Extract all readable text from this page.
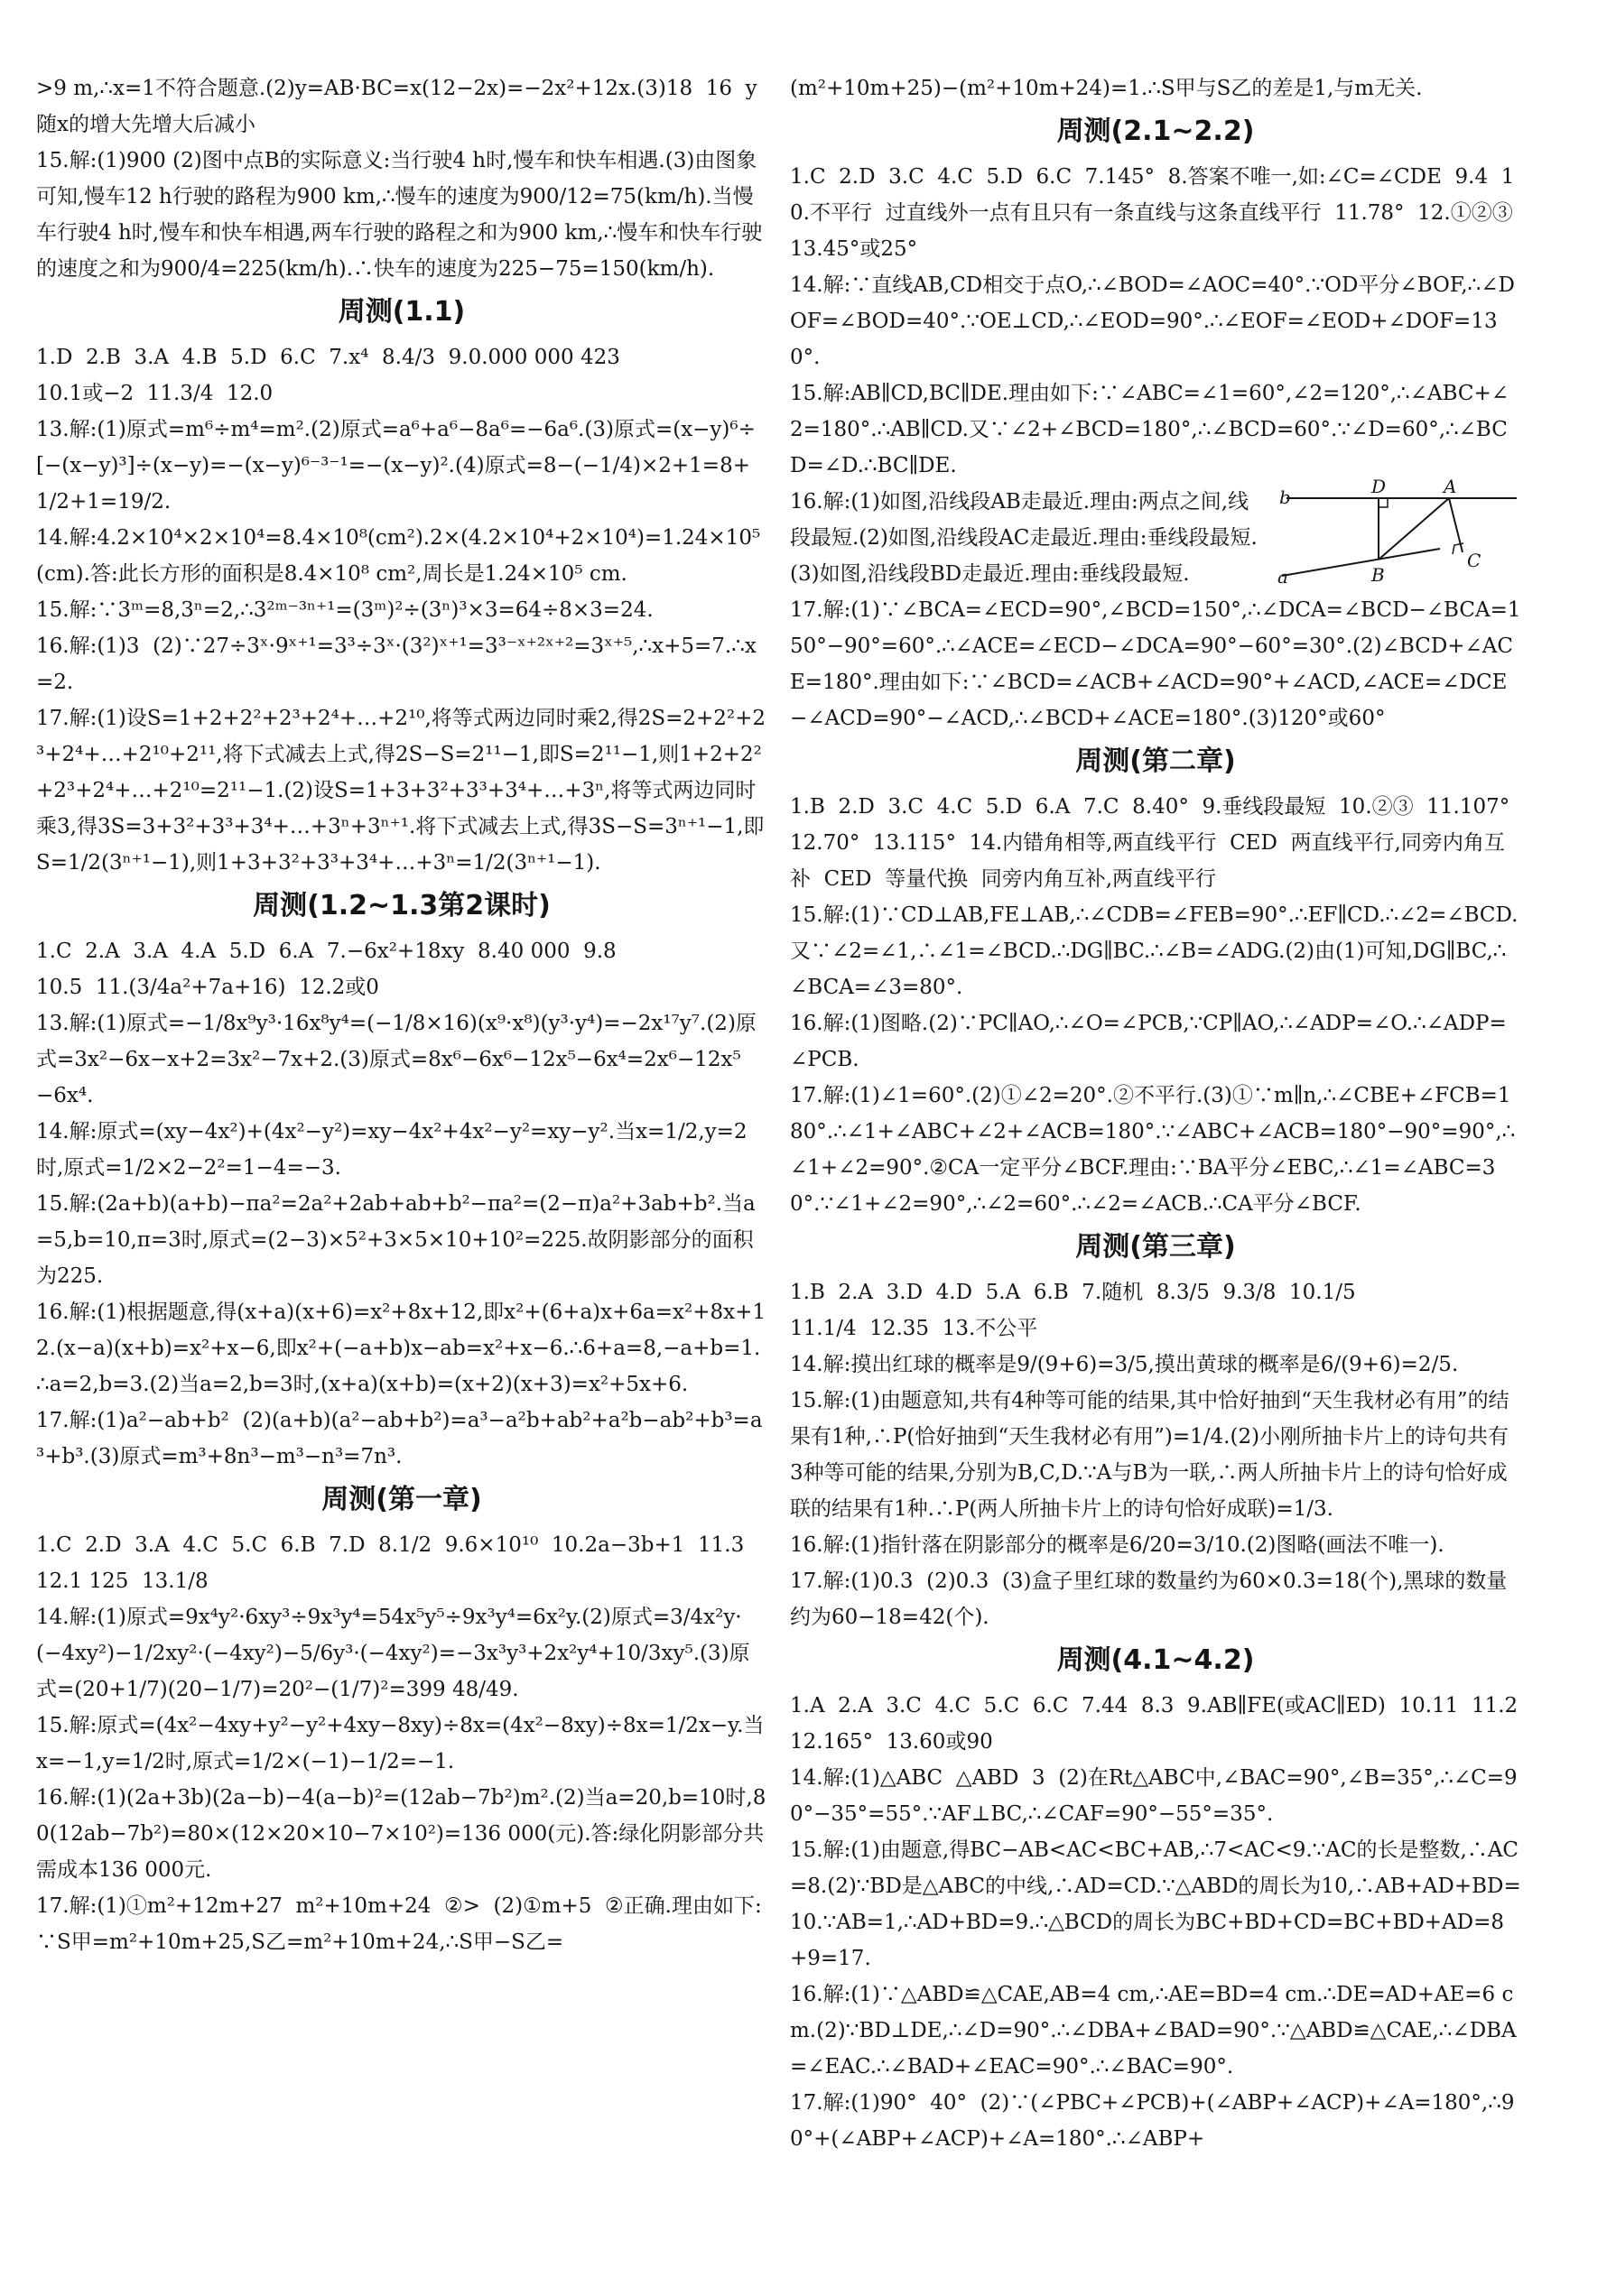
>9 m,∴x=1不符合题意.(2)y=AB·BC=x(12−2x)=−2x²+12x.(3)18  16  y随x的增大先增大后减小

15.解:(1)900 (2)图中点B的实际意义:当行驶4 h时,慢车和快车相遇.(3)由图象可知,慢车12 h行驶的路程为900 km,∴慢车的速度为900/12=75(km/h).当慢车行驶4 h时,慢车和快车相遇,两车行驶的路程之和为900 km,∴慢车和快车行驶的速度之和为900/4=225(km/h).∴快车的速度为225−75=150(km/h).

周测(1.1)

1.D  2.B  3.A  4.B  5.D  6.C  7.x⁴  8.4/3  9.0.000 000 423

10.1或−2  11.3/4  12.0

13.解:(1)原式=m⁶÷m⁴=m².(2)原式=a⁶+a⁶−8a⁶=−6a⁶.(3)原式=(x−y)⁶÷[−(x−y)³]÷(x−y)=−(x−y)⁶⁻³⁻¹=−(x−y)².(4)原式=8−(−1/4)×2+1=8+1/2+1=19/2.

14.解:4.2×10⁴×2×10⁴=8.4×10⁸(cm²).2×(4.2×10⁴+2×10⁴)=1.24×10⁵(cm).答:此长方形的面积是8.4×10⁸ cm²,周长是1.24×10⁵ cm.

15.解:∵3ᵐ=8,3ⁿ=2,∴3²ᵐ⁻³ⁿ⁺¹=(3ᵐ)²÷(3ⁿ)³×3=64÷8×3=24.

16.解:(1)3  (2)∵27÷3ˣ·9ˣ⁺¹=3³÷3ˣ·(3²)ˣ⁺¹=3³⁻ˣ⁺²ˣ⁺²=3ˣ⁺⁵,∴x+5=7.∴x=2.

17.解:(1)设S=1+2+2²+2³+2⁴+…+2¹⁰,将等式两边同时乘2,得2S=2+2²+2³+2⁴+…+2¹⁰+2¹¹,将下式减去上式,得2S−S=2¹¹−1,即S=2¹¹−1,则1+2+2²+2³+2⁴+…+2¹⁰=2¹¹−1.(2)设S=1+3+3²+3³+3⁴+…+3ⁿ,将等式两边同时乘3,得3S=3+3²+3³+3⁴+…+3ⁿ+3ⁿ⁺¹.将下式减去上式,得3S−S=3ⁿ⁺¹−1,即S=1/2(3ⁿ⁺¹−1),则1+3+3²+3³+3⁴+…+3ⁿ=1/2(3ⁿ⁺¹−1).

周测(1.2~1.3第2课时)

1.C  2.A  3.A  4.A  5.D  6.A  7.−6x²+18xy  8.40 000  9.8

10.5  11.(3/4a²+7a+16)  12.2或0

13.解:(1)原式=−1/8x⁹y³·16x⁸y⁴=(−1/8×16)(x⁹·x⁸)(y³·y⁴)=−2x¹⁷y⁷.(2)原式=3x²−6x−x+2=3x²−7x+2.(3)原式=8x⁶−6x⁶−12x⁵−6x⁴=2x⁶−12x⁵−6x⁴.

14.解:原式=(xy−4x²)+(4x²−y²)=xy−4x²+4x²−y²=xy−y².当x=1/2,y=2时,原式=1/2×2−2²=1−4=−3.

15.解:(2a+b)(a+b)−πa²=2a²+2ab+ab+b²−πa²=(2−π)a²+3ab+b².当a=5,b=10,π=3时,原式=(2−3)×5²+3×5×10+10²=225.故阴影部分的面积为225.

16.解:(1)根据题意,得(x+a)(x+6)=x²+8x+12,即x²+(6+a)x+6a=x²+8x+12.(x−a)(x+b)=x²+x−6,即x²+(−a+b)x−ab=x²+x−6.∴6+a=8,−a+b=1.∴a=2,b=3.(2)当a=2,b=3时,(x+a)(x+b)=(x+2)(x+3)=x²+5x+6.

17.解:(1)a²−ab+b²  (2)(a+b)(a²−ab+b²)=a³−a²b+ab²+a²b−ab²+b³=a³+b³.(3)原式=m³+8n³−m³−n³=7n³.

周测(第一章)

1.C  2.D  3.A  4.C  5.C  6.B  7.D  8.1/2  9.6×10¹⁰  10.2a−3b+1  11.3  12.1 125  13.1/8

14.解:(1)原式=9x⁴y²·6xy³÷9x³y⁴=54x⁵y⁵÷9x³y⁴=6x²y.(2)原式=3/4x²y·(−4xy²)−1/2xy²·(−4xy²)−5/6y³·(−4xy²)=−3x³y³+2x²y⁴+10/3xy⁵.(3)原式=(20+1/7)(20−1/7)=20²−(1/7)²=399 48/49.

15.解:原式=(4x²−4xy+y²−y²+4xy−8xy)÷8x=(4x²−8xy)÷8x=1/2x−y.当x=−1,y=1/2时,原式=1/2×(−1)−1/2=−1.

16.解:(1)(2a+3b)(2a−b)−4(a−b)²=(12ab−7b²)m².(2)当a=20,b=10时,80(12ab−7b²)=80×(12×20×10−7×10²)=136 000(元).答:绿化阴影部分共需成本136 000元.

17.解:(1)①m²+12m+27  m²+10m+24  ②>  (2)①m+5  ②正确.理由如下:∵S甲=m²+10m+25,S乙=m²+10m+24,∴S甲−S乙=

(m²+10m+25)−(m²+10m+24)=1.∴S甲与S乙的差是1,与m无关.

周测(2.1~2.2)

1.C  2.D  3.C  4.C  5.D  6.C  7.145°  8.答案不唯一,如:∠C=∠CDE  9.4  10.不平行  过直线外一点有且只有一条直线与这条直线平行  11.78°  12.①②③  13.45°或25°

14.解:∵直线AB,CD相交于点O,∴∠BOD=∠AOC=40°.∵OD平分∠BOF,∴∠DOF=∠BOD=40°.∵OE⊥CD,∴∠EOD=90°.∴∠EOF=∠EOD+∠DOF=130°.

15.解:AB∥CD,BC∥DE.理由如下:∵∠ABC=∠1=60°,∠2=120°,∴∠ABC+∠2=180°.∴AB∥CD.又∵∠2+∠BCD=180°,∴∠BCD=60°.∵∠D=60°,∴∠BCD=∠D.∴BC∥DE.

b	D	A
a	B
C

16.解:(1)如图,沿线段AB走最近.理由:两点之间,线段最短.(2)如图,沿线段AC走最近.理由:垂线段最短.(3)如图,沿线段BD走最近.理由:垂线段最短.

17.解:(1)∵∠BCA=∠ECD=90°,∠BCD=150°,∴∠DCA=∠BCD−∠BCA=150°−90°=60°.∴∠ACE=∠ECD−∠DCA=90°−60°=30°.(2)∠BCD+∠ACE=180°.理由如下:∵∠BCD=∠ACB+∠ACD=90°+∠ACD,∠ACE=∠DCE−∠ACD=90°−∠ACD,∴∠BCD+∠ACE=180°.(3)120°或60°

周测(第二章)

1.B  2.D  3.C  4.C  5.D  6.A  7.C  8.40°  9.垂线段最短  10.②③  11.107°  12.70°  13.115°  14.内错角相等,两直线平行  CED  两直线平行,同旁内角互补  CED  等量代换  同旁内角互补,两直线平行

15.解:(1)∵CD⊥AB,FE⊥AB,∴∠CDB=∠FEB=90°.∴EF∥CD.∴∠2=∠BCD.又∵∠2=∠1,∴∠1=∠BCD.∴DG∥BC.∴∠B=∠ADG.(2)由(1)可知,DG∥BC,∴∠BCA=∠3=80°.

16.解:(1)图略.(2)∵PC∥AO,∴∠O=∠PCB,∵CP∥AO,∴∠ADP=∠O.∴∠ADP=∠PCB.

17.解:(1)∠1=60°.(2)①∠2=20°.②不平行.(3)①∵m∥n,∴∠CBE+∠FCB=180°.∴∠1+∠ABC+∠2+∠ACB=180°.∵∠ABC+∠ACB=180°−90°=90°,∴∠1+∠2=90°.②CA一定平分∠BCF.理由:∵BA平分∠EBC,∴∠1=∠ABC=30°.∵∠1+∠2=90°,∴∠2=60°.∴∠2=∠ACB.∴CA平分∠BCF.

周测(第三章)

1.B  2.A  3.D  4.D  5.A  6.B  7.随机  8.3/5  9.3/8  10.1/5

11.1/4  12.35  13.不公平

14.解:摸出红球的概率是9/(9+6)=3/5,摸出黄球的概率是6/(9+6)=2/5.

15.解:(1)由题意知,共有4种等可能的结果,其中恰好抽到“天生我材必有用”的结果有1种,∴P(恰好抽到“天生我材必有用”)=1/4.(2)小刚所抽卡片上的诗句共有3种等可能的结果,分别为B,C,D.∵A与B为一联,∴两人所抽卡片上的诗句恰好成联的结果有1种.∴P(两人所抽卡片上的诗句恰好成联)=1/3.

16.解:(1)指针落在阴影部分的概率是6/20=3/10.(2)图略(画法不唯一).

17.解:(1)0.3  (2)0.3  (3)盒子里红球的数量约为60×0.3=18(个),黑球的数量约为60−18=42(个).

周测(4.1~4.2)

1.A  2.A  3.C  4.C  5.C  6.C  7.44  8.3  9.AB∥FE(或AC∥ED)  10.11  11.2  12.165°  13.60或90

14.解:(1)△ABC  △ABD  3  (2)在Rt△ABC中,∠BAC=90°,∠B=35°,∴∠C=90°−35°=55°.∵AF⊥BC,∴∠CAF=90°−55°=35°.

15.解:(1)由题意,得BC−AB<AC<BC+AB,∴7<AC<9.∵AC的长是整数,∴AC=8.(2)∵BD是△ABC的中线,∴AD=CD.∵△ABD的周长为10,∴AB+AD+BD=10.∵AB=1,∴AD+BD=9.∴△BCD的周长为BC+BD+CD=BC+BD+AD=8+9=17.

16.解:(1)∵△ABD≌△CAE,AB=4 cm,∴AE=BD=4 cm.∴DE=AD+AE=6 cm.(2)∵BD⊥DE,∴∠D=90°.∴∠DBA+∠BAD=90°.∵△ABD≌△CAE,∴∠DBA=∠EAC.∴∠BAD+∠EAC=90°.∴∠BAC=90°.

17.解:(1)90°  40°  (2)∵(∠PBC+∠PCB)+(∠ABP+∠ACP)+∠A=180°,∴90°+(∠ABP+∠ACP)+∠A=180°.∴∠ABP+
